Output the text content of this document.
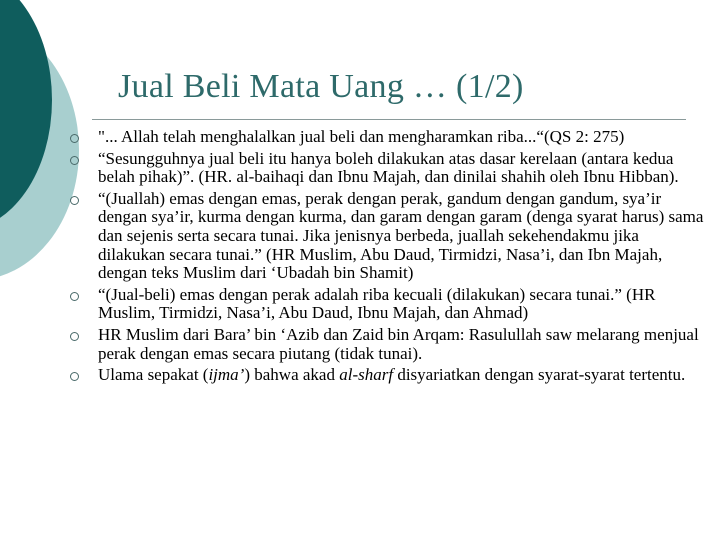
Jual Beli Mata Uang … (1/2)
"... Allah telah menghalalkan jual beli dan mengharamkan riba...“(QS 2: 275)
“Sesungguhnya jual beli itu hanya boleh dilakukan atas dasar kerelaan (antara kedua belah pihak)”. (HR. al-baihaqi dan Ibnu Majah, dan dinilai shahih oleh Ibnu Hibban).
“(Juallah) emas dengan emas, perak dengan perak, gandum dengan gandum, sya’ir dengan sya’ir, kurma dengan kurma, dan garam dengan garam (denga syarat harus) sama dan sejenis serta secara tunai. Jika jenisnya berbeda, juallah sekehendakmu jika dilakukan secara tunai.” (HR Muslim, Abu Daud, Tirmidzi, Nasa’i, dan Ibn Majah, dengan teks Muslim dari ‘Ubadah bin Shamit)
“(Jual-beli) emas dengan perak adalah riba kecuali (dilakukan) secara tunai.” (HR Muslim, Tirmidzi, Nasa’i, Abu Daud, Ibnu Majah, dan Ahmad)
HR Muslim dari Bara’ bin ‘Azib dan Zaid bin Arqam: Rasulullah saw melarang menjual perak dengan emas secara piutang (tidak tunai).
Ulama sepakat (ijma’) bahwa akad al-sharf disyariatkan dengan syarat-syarat tertentu.
